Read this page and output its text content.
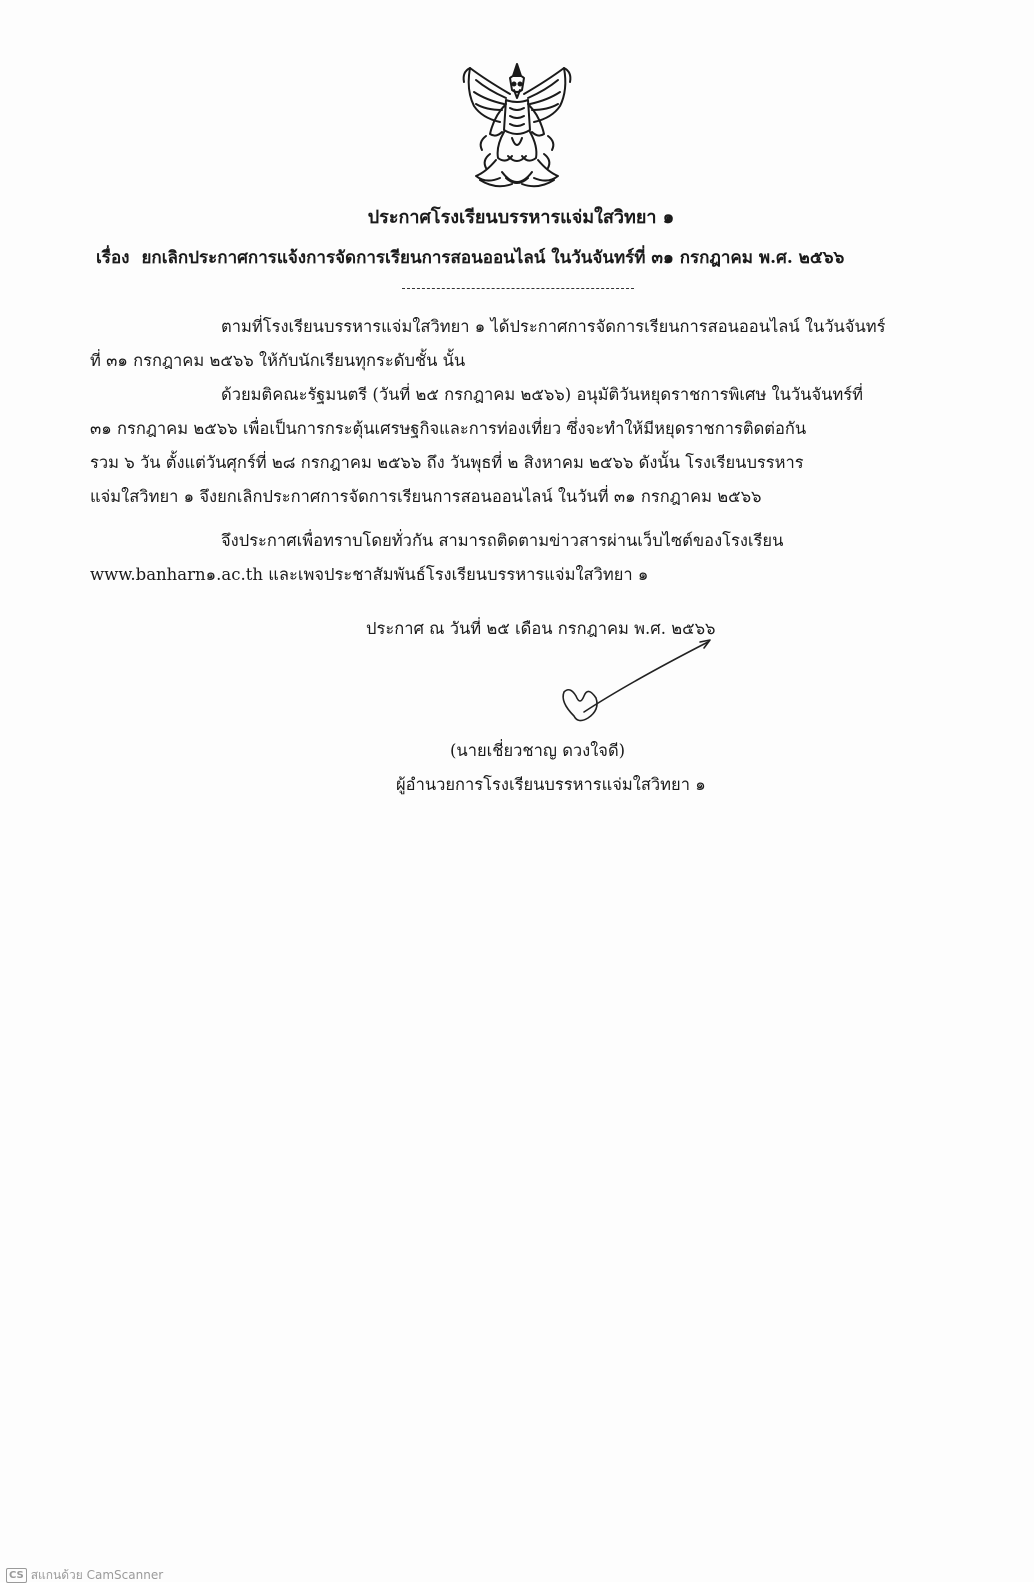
ประกาศโรงเรียนบรรหารแจ่มใสวิทยา ๑
เรื่อง ยกเลิกประกาศการแจ้งการจัดการเรียนการสอนออนไลน์ ในวันจันทร์ที่ ๓๑ กรกฎาคม พ.ศ. ๒๕๖๖
ตามที่โรงเรียนบรรหารแจ่มใสวิทยา ๑ ได้ประกาศการจัดการเรียนการสอนออนไลน์ ในวันจันทร์
ที่ ๓๑ กรกฎาคม ๒๕๖๖ ให้กับนักเรียนทุกระดับชั้น นั้น
ด้วยมติคณะรัฐมนตรี (วันที่ ๒๕ กรกฎาคม ๒๕๖๖) อนุมัติวันหยุดราชการพิเศษ ในวันจันทร์ที่
๓๑ กรกฎาคม ๒๕๖๖ เพื่อเป็นการกระตุ้นเศรษฐกิจและการท่องเที่ยว ซึ่งจะทำให้มีหยุดราชการติดต่อกัน
รวม ๖ วัน ตั้งแต่วันศุกร์ที่ ๒๘ กรกฎาคม ๒๕๖๖ ถึง วันพุธที่ ๒ สิงหาคม ๒๕๖๖ ดังนั้น โรงเรียนบรรหาร
แจ่มใสวิทยา ๑ จึงยกเลิกประกาศการจัดการเรียนการสอนออนไลน์ ในวันที่ ๓๑ กรกฎาคม ๒๕๖๖
จึงประกาศเพื่อทราบโดยทั่วกัน สามารถติดตามข่าวสารผ่านเว็บไซต์ของโรงเรียน
www.banharn๑.ac.th และเพจประชาสัมพันธ์โรงเรียนบรรหารแจ่มใสวิทยา ๑
ประกาศ ณ วันที่ ๒๕ เดือน กรกฎาคม พ.ศ. ๒๕๖๖
(นายเชี่ยวชาญ ดวงใจดี)
ผู้อำนวยการโรงเรียนบรรหารแจ่มใสวิทยา ๑
CS สแกนด้วย CamScanner
